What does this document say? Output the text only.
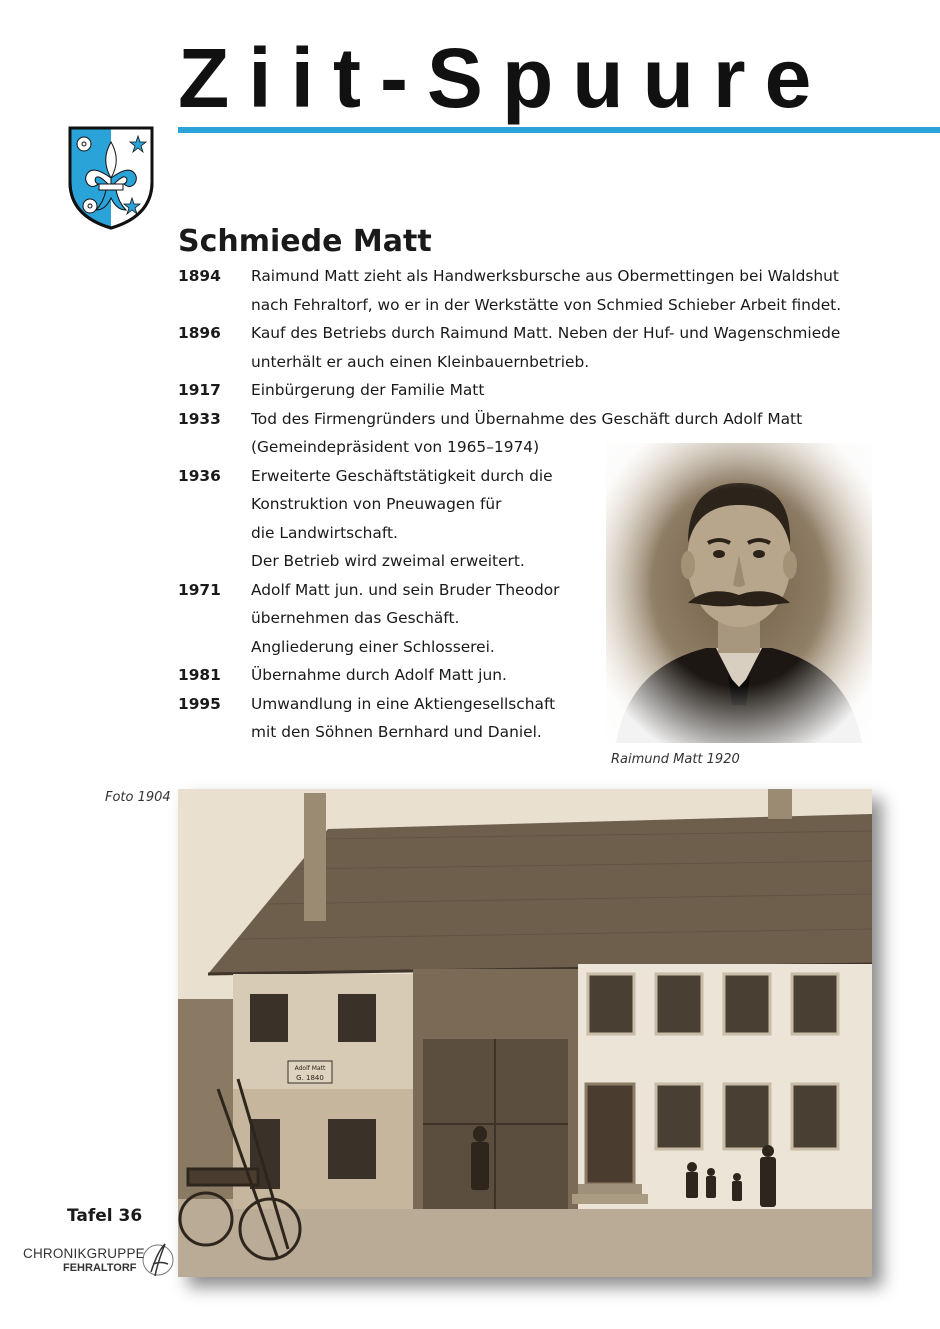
Ziit-Spuure
Schmiede Matt
1894	Raimund Matt zieht als Handwerksbursche aus Obermettingen bei Waldshut
nach Fehraltorf, wo er in der Werkstätte von Schmied Schieber Arbeit findet.
1896	Kauf des Betriebs durch Raimund Matt. Neben der Huf- und Wagenschmiede
unterhält er auch einen Kleinbauernbetrieb.
1917	Einbürgerung der Familie Matt
1933	Tod des Firmengründers und Übernahme des Geschäft durch Adolf Matt
(Gemeindepräsident von 1965–1974)
1936	Erweiterte Geschäftstätigkeit durch die
Konstruktion von Pneuwagen für
die Landwirtschaft.
Der Betrieb wird zweimal erweitert.
1971	Adolf Matt jun. und sein Bruder Theodor
übernehmen das Geschäft.
Angliederung einer Schlosserei.
1981	Übernahme durch Adolf Matt jun.
1995	Umwandlung in eine Aktiengesellschaft
mit den Söhnen Bernhard und Daniel.
Raimund Matt 1920
Foto 1904
Adolf Matt
G. 1840
Tafel 36
CHRONIKGRUPPE
FEHRALTORF
